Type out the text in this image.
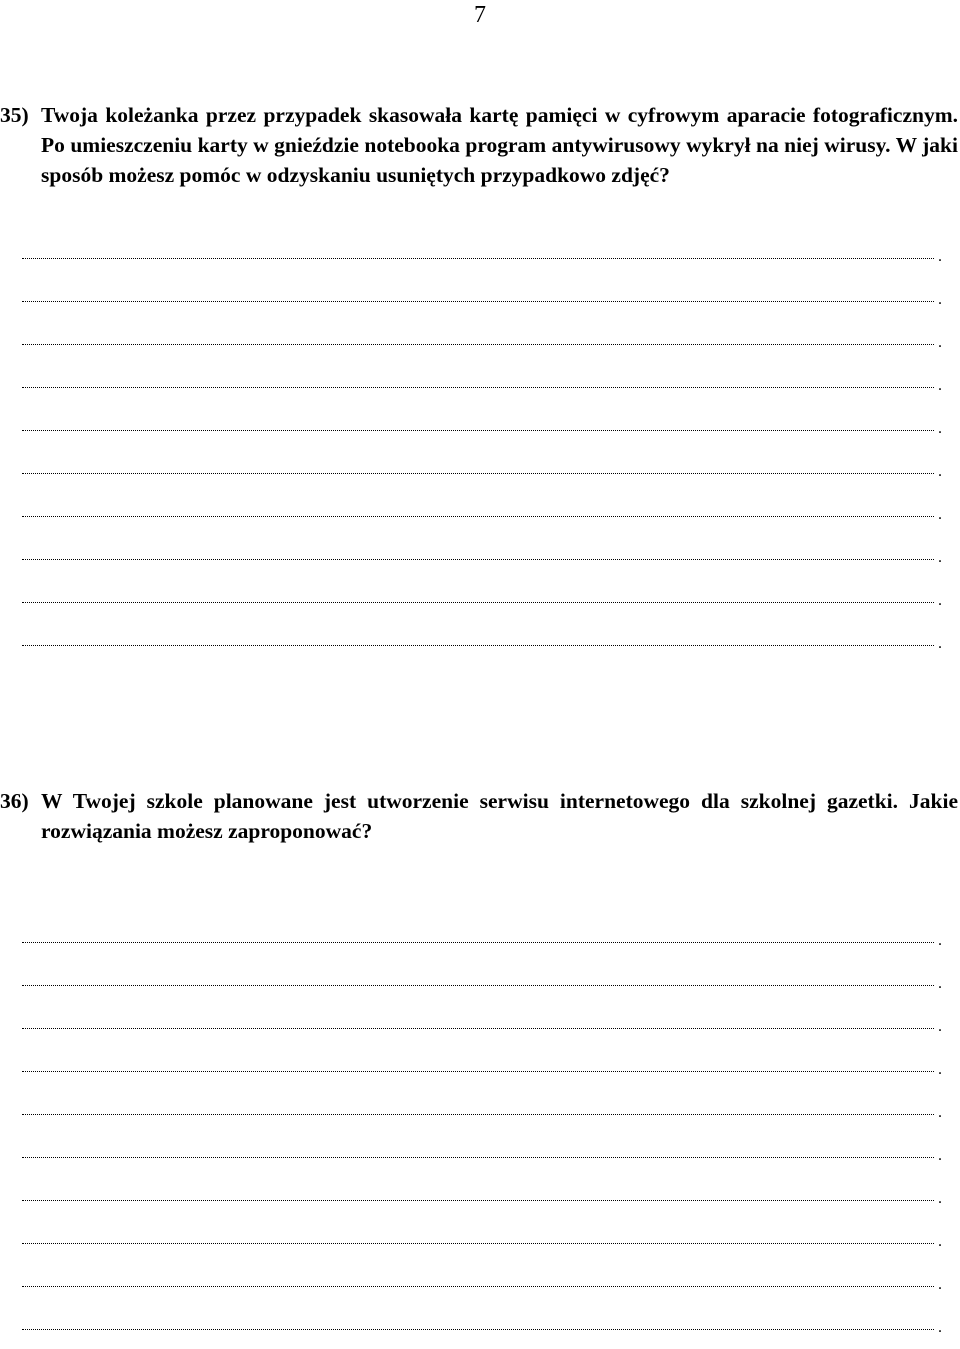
7
35) Twoja koleżanka przez przypadek skasowała kartę pamięci w cyfrowym aparacie fotograficznym. Po umieszczeniu karty w gnieździe notebooka program antywirusowy wykrył na niej wirusy. W jaki sposób możesz pomóc w odzyskaniu usuniętych przypadkowo zdjęć?
.
.
.
.
.
.
.
.
.
.
36) W Twojej szkole planowane jest utworzenie serwisu internetowego dla szkolnej gazetki. Jakie rozwiązania możesz zaproponować?
.
.
.
.
.
.
.
.
.
.
